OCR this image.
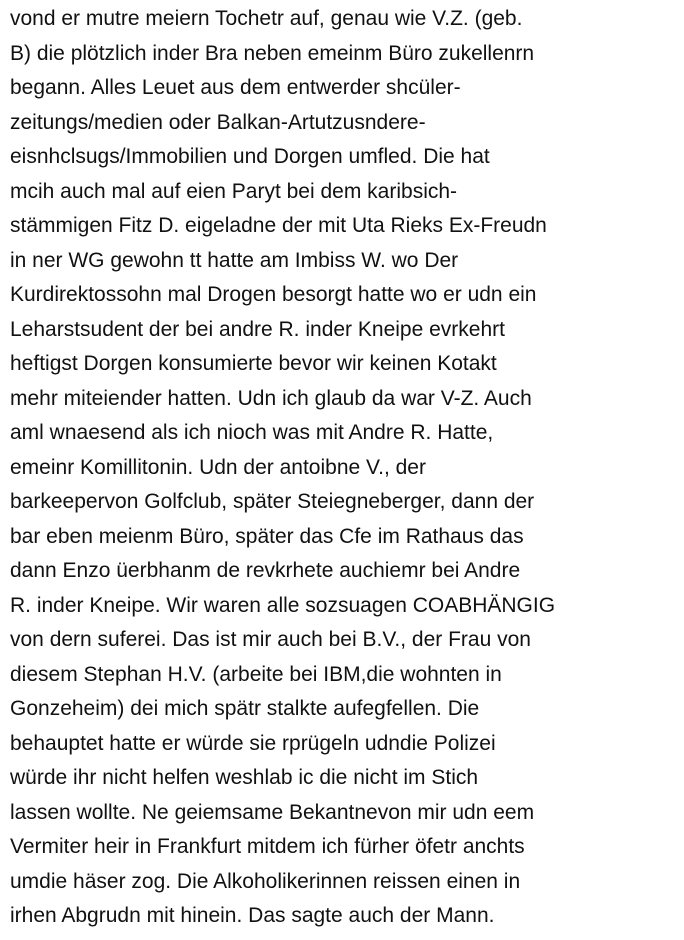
vond er mutre meiern Tochetr auf, genau wie V.Z. (geb.
B) die plötzlich inder Bra neben emeinm Büro zukellenrn
begann. Alles Leuet aus dem entwerder shcüler-
zeitungs/medien oder Balkan-Artutzusndere-
eisnhclsugs/Immobilien und Dorgen umfled. Die hat
mcih auch mal auf eien Paryt bei dem karibsich-
stämmigen Fitz D. eigeladne der mit Uta Rieks Ex-Freudn
in ner WG gewohn tt hatte am Imbiss W. wo Der
Kurdirektossohn mal Drogen besorgt hatte wo er udn ein
Leharstsudent der bei andre R. inder Kneipe evrkehrt
heftigst Dorgen konsumierte bevor wir keinen Kotakt
mehr miteiender hatten. Udn ich glaub da war V-Z. Auch
aml wnaesend als ich nioch was mit Andre R. Hatte,
emeinr Komillitonin. Udn der antoibne V., der
barkeepervon Golfclub, später Steiegneberger, dann der
bar eben meienm Büro, später das Cfe im Rathaus das
dann Enzo üerbhanm de revkrhete auchiemr bei Andre
R. inder Kneipe. Wir waren alle sozsuagen COABHÄNGIG
von dern suferei. Das ist mir auch bei B.V., der Frau von
diesem Stephan H.V. (arbeite bei IBM,die wohnten in
Gonzeheim) dei mich spätr stalkte aufegfellen. Die
behauptet hatte er würde sie rprügeln udndie Polizei
würde ihr nicht helfen weshlab ic die nicht im Stich
lassen wollte. Ne geiemsame Bekantnevon mir udn eem
Vermiter heir in Frankfurt mitdem ich fürher öfetr anchts
umdie häser zog. Die Alkoholikerinnen reissen einen in
irhen Abgrudn mit hinein. Das sagte auch der Mann.
